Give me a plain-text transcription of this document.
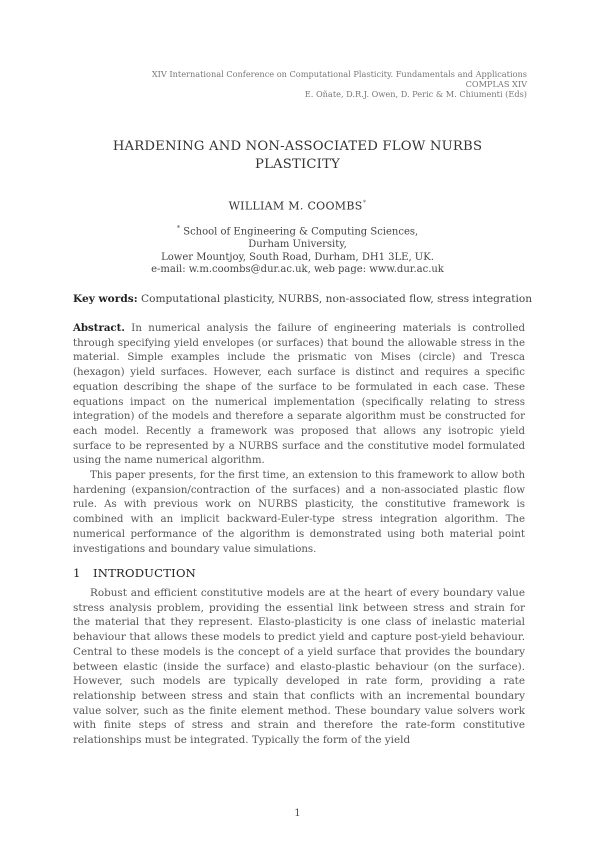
XIV International Conference on Computational Plasticity. Fundamentals and Applications
COMPLAS XIV
E. Oñate, D.R.J. Owen, D. Peric & M. Chiumenti (Eds)
HARDENING AND NON-ASSOCIATED FLOW NURBS
PLASTICITY
WILLIAM M. COOMBS*
* School of Engineering & Computing Sciences,
Durham University,
Lower Mountjoy, South Road, Durham, DH1 3LE, UK.
e-mail: w.m.coombs@dur.ac.uk, web page: www.dur.ac.uk
Key words: Computational plasticity, NURBS, non-associated flow, stress integration

Abstract. In numerical analysis the failure of engineering materials is controlled through specifying yield envelopes (or surfaces) that bound the allowable stress in the material. Simple examples include the prismatic von Mises (circle) and Tresca (hexagon) yield surfaces. However, each surface is distinct and requires a specific equation describing the shape of the surface to be formulated in each case. These equations impact on the numerical implementation (specifically relating to stress integration) of the models and therefore a separate algorithm must be constructed for each model. Recently a framework was proposed that allows any isotropic yield surface to be represented by a NURBS surface and the constitutive model formulated using the name numerical algorithm.

This paper presents, for the first time, an extension to this framework to allow both hardening (expansion/contraction of the surfaces) and a non-associated plastic flow rule. As with previous work on NURBS plasticity, the constitutive framework is combined with an implicit backward-Euler-type stress integration algorithm. The numerical performance of the algorithm is demonstrated using both material point investigations and boundary value simulations.

1 INTRODUCTION

Robust and efficient constitutive models are at the heart of every boundary value stress analysis problem, providing the essential link between stress and strain for the material that they represent. Elasto-plasticity is one class of inelastic material behaviour that allows these models to predict yield and capture post-yield behaviour. Central to these models is the concept of a yield surface that provides the boundary between elastic (inside the surface) and elasto-plastic behaviour (on the surface). However, such models are typically developed in rate form, providing a rate relationship between stress and stain that conflicts with an incremental boundary value solver, such as the finite element method. These boundary value solvers work with finite steps of stress and strain and therefore the rate-form constitutive relationships must be integrated. Typically the form of the yield

1
